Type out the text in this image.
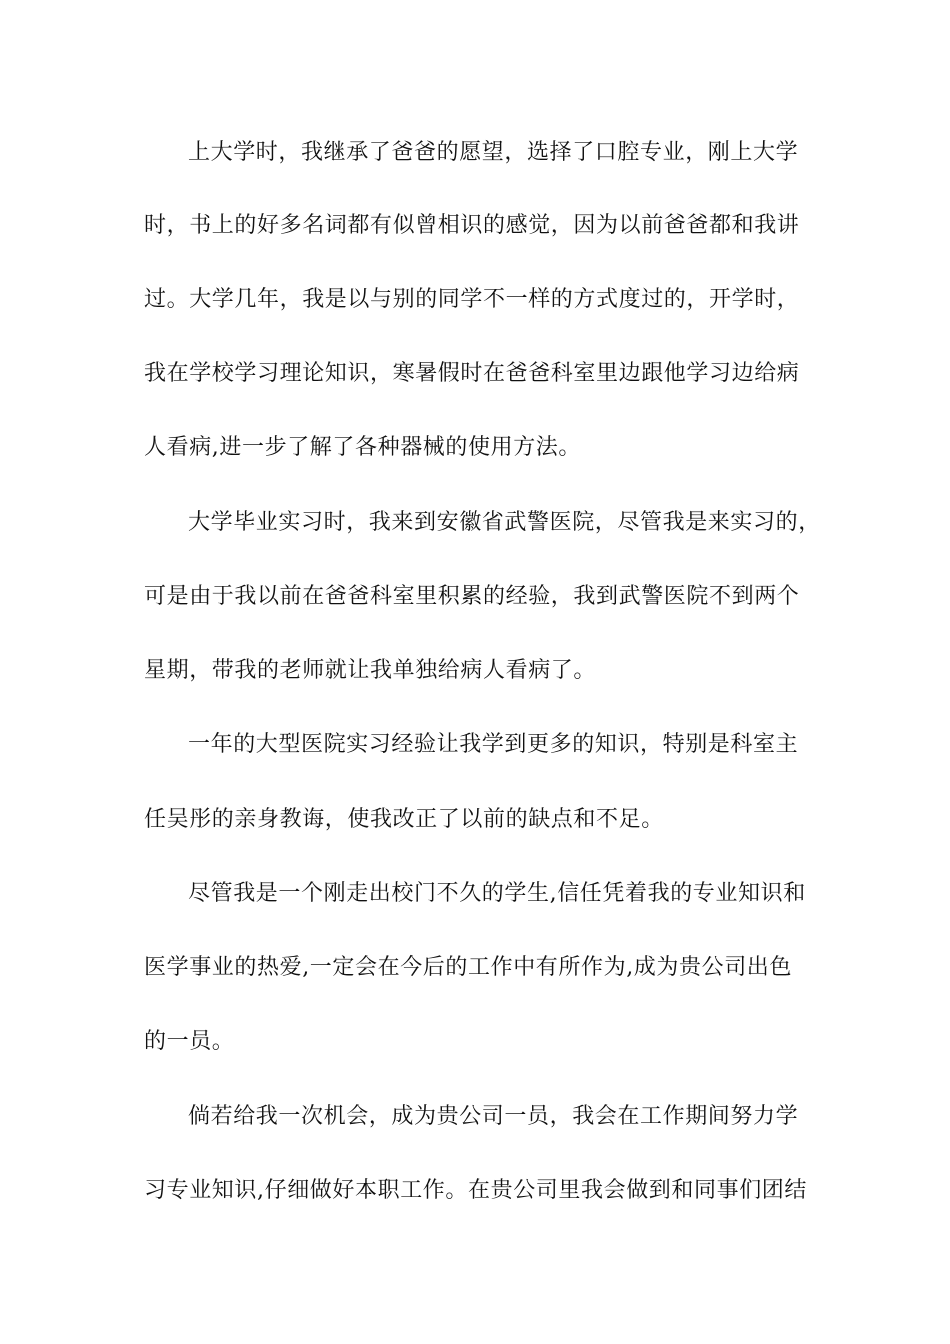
上大学时，我继承了爸爸的愿望，选择了口腔专业，刚上大学
时，书上的好多名词都有似曾相识的感觉，因为以前爸爸都和我讲
过。大学几年，我是以与别的同学不一样的方式度过的，开学时，
我在学校学习理论知识，寒暑假时在爸爸科室里边跟他学习边给病
人看病,进一步了解了各种器械的使用方法。
大学毕业实习时，我来到安徽省武警医院，尽管我是来实习的，
可是由于我以前在爸爸科室里积累的经验，我到武警医院不到两个
星期，带我的老师就让我单独给病人看病了。
一年的大型医院实习经验让我学到更多的知识，特别是科室主
任吴彤的亲身教诲，使我改正了以前的缺点和不足。
尽管我是一个刚走出校门不久的学生,信任凭着我的专业知识和
医学事业的热爱,一定会在今后的工作中有所作为,成为贵公司出色
的一员。
倘若给我一次机会，成为贵公司一员，我会在工作期间努力学
习专业知识,仔细做好本职工作。在贵公司里我会做到和同事们团结
